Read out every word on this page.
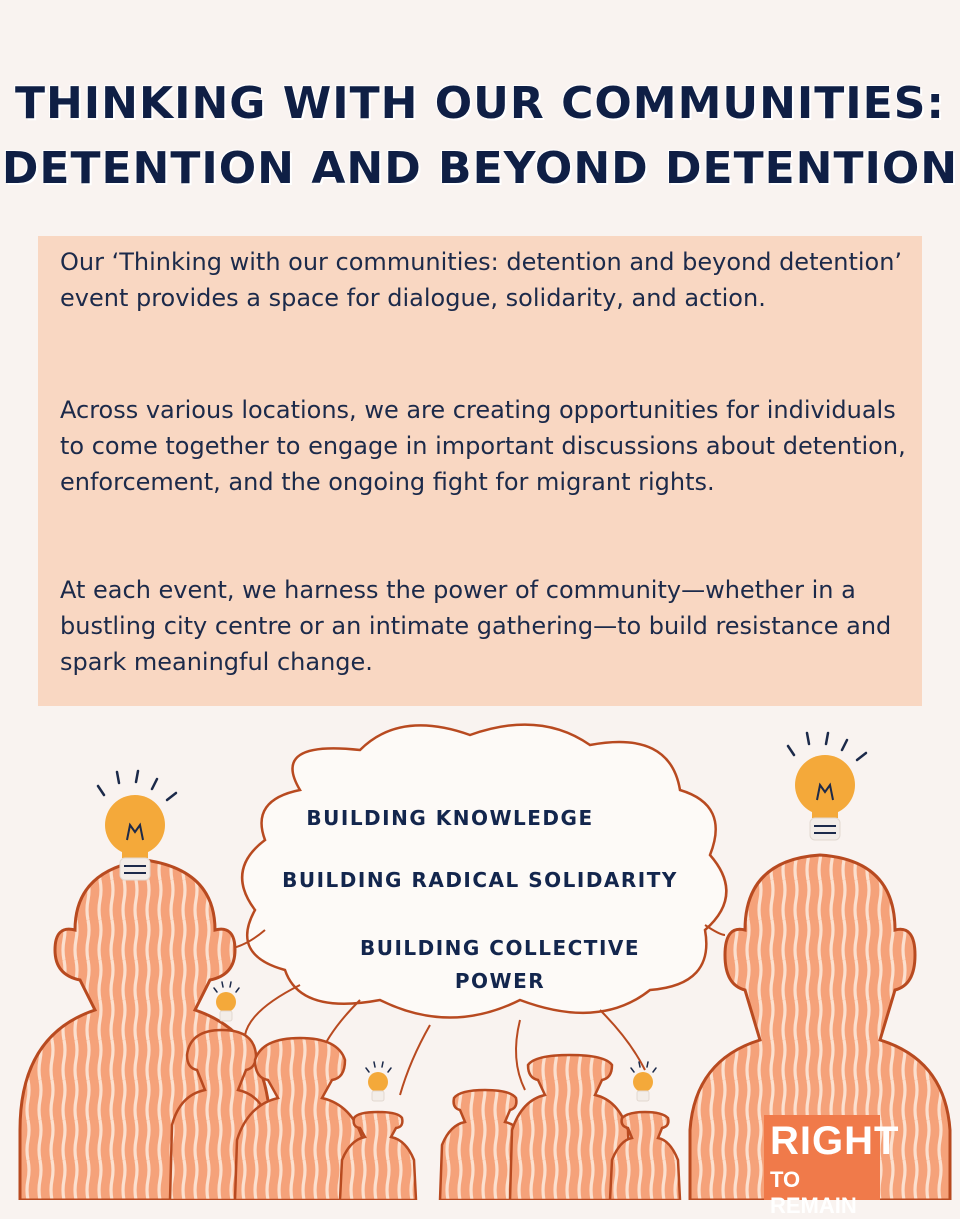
THINKING WITH OUR COMMUNITIES:
DETENTION AND BEYOND DETENTION
Our ‘Thinking with our communities: detention and beyond detention’ event provides a space for dialogue, solidarity, and action.
Across various locations, we are creating opportunities for individuals to come together to engage in important discussions about detention, enforcement, and the ongoing fight for migrant rights.
At each event, we harness the power of community—whether in a bustling city centre or an intimate gathering—to build resistance and spark meaningful change.
BUILDING KNOWLEDGE
BUILDING RADICAL SOLIDARITY
BUILDING COLLECTIVE POWER
RIGHT
TO REMAIN
